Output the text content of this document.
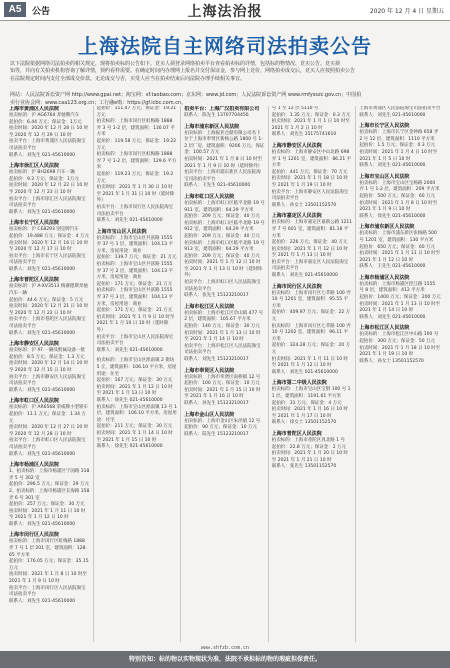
A5	公告	上海法治报	2020 年 12 月 4 日 星期五
上海法院自主网络司法拍卖公告

以下法院依据网络司法拍卖的相关规定，现将拍卖标的公告如下。竞买人须登录网络拍卖平台查看拍卖标的详情，包括标的物情况、竞买公告、竞买须

知等，并向有关拍卖机构咨询了解详情，预约看样需要。在确定时间内办理网上报名并交付保证金，参与网上竞价，网络拍卖成交后，竞买人应按照拍卖公告

在法院规定时间内支付全部成交价款。无论成交与否，买受人应当在拍卖结束后向法院办理手续相关事宜。

网站：人民法院诉讼资产网 http://www.gpai.net；淘宝网：sf.taobao.com；京东网：www.jd.com；人民法院诉讼资产网 www.rmfysszc.gov.cn；中国拍
卖行业协会网：www.caa123.org.cn；工行融e购：https://gf.icbc.com.cn。

上海市黄浦区人民法院

拍卖标的：沪 AG6764 奔驰牌汽车
起拍价：6.44 万元；保证金：1万元
拍卖时间：2020 年 12 月 28 日 10 时至 2020 年 12 月 29 日 10 时
拍卖平台：上海市黄浦区人民法院淘宝司法拍卖平台
联系人：刘先生 021-45610000

上海市徐汇区人民法院

拍卖标的：沪 BH2698 汽车一辆
起拍价：9.3 万元；保证金：1万元
拍卖时间：2020 年 12 月 22 日 10 时至 2020 年 12 月 23 日 10 时
拍卖平台：上海市徐汇区人民法院淘宝司法拍卖平台
联系人：刘先生 021-45610000

上海市长宁区人民法院

拍卖标的：沪 CE8293 别克牌汽车
起拍价：19.488 万元；保证金：4 万元
拍卖时间：2020 年 12 月 16 日 10 时至 2020 年 12 月 17 日 10 时
拍卖平台：上海市长宁区人民法院淘宝司法拍卖平台
联系人：刘先生 021-45610000

上海市普陀区人民法院

拍卖标的：沪 A-XV3513 梅赛德斯奔驰汽车一辆
起拍价：44.6 万元；保证金：5 万元
拍卖时间：2020 年 12 月 21 日 10 时至 2020 年 12 月 22 日 10 时
拍卖平台：上海市普陀区人民法院淘宝司法拍卖平台
联系人：刘先生 021-45610000

上海市静安区人民法院

拍卖标的：沪 XF 一辆及附属设备一批
起拍价：8.5 万元；保证金：1.3 万元
拍卖时间：2020 年 12 月 14 日 10 时至 2020 年 12 月 15 日 10 时
拍卖平台：上海市静安区人民法院淘宝司法拍卖平台
联系人：刘先生 021-45610000

上海市虹口区人民法院

拍卖标的：沪 AR6568 荣威牌小型轿车
起拍价：11.1 万元；保证金：1.34 万元
拍卖时间：2020 年 12 月 27 日 10 时至 2020 年 12 月 28 日 10 时
拍卖平台：上海市虹口区人民法院淘宝司法拍卖平台
联系人：刘先生 021-45610000

上海市杨浦区人民法院

1、拍卖标的：上海市杨浦区宁国路 318 弄 5 号 302 室
起拍价：296.5 万元；保证金：29 万元
2、拍卖标的：上海市杨浦区长海路 358 弄 6 号 301 室
起拍价：257 万元；保证金：30 万元
拍卖时间：2021 年 1 月 11 日 10 时至 2021 年 1 月 12 日 10 时
联系人：刘先生 021-45610000

上海市闵行区人民法院

拍卖标的：上海市闵行区虹梅路 1888 弄 7 号 1 层 201 室，建筑面积：128.65 平方米
起拍价：176.05 万元；保证金：35.15 万元
拍卖时间：2021 年 1 月 8 日 10 时至 2021 年 1 月 9 日 10 时
拍卖平台：上海市闵行区人民法院淘宝司法拍卖平台
联系人：刘先生 021-45610000

起拍价：111.47 万元；保证金：19.21 万元
拍卖标的：上海市闵行区虹梅路 1888 弄 3 号 1-2 层，建筑面积：130.07 平方米
起拍价：119.58 万元；保证金：19.22 万元
拍卖标的：上海市闵行区虹梅路 1888 弄 7 号 1-2 层，建筑面积：129.6 平方米
起拍价：119.23 万元；保证金：19.2 万元
拍卖时间：2021 年 1 月 30 日 10 时至 2021 年 1 月 31 日 10 时（延时除外）
拍卖平台：上海市闵行区人民法院淘宝司法拍卖平台
联系人：刘先生 021-45610000

上海市宝山区人民法院

拍卖标的：上海市宝山区共富路 1555 弄 37 号 1 层，建筑面积：104.13 平方米，房屋用途：商业
起拍价：139.7 万元；保证金：21 万元
拍卖标的：上海市宝山区共富路 1555 弄 37 号 2 层，建筑面积：104.13 平方米，房屋用途：商业
起拍价：171 万元；保证金：21 万元
拍卖标的：上海市宝山区共富路 1555 弄 37 号 3 层，建筑面积：104.13 平方米，房屋用途：商业
起拍价：171 万元；保证金：21 万元
拍卖时间：2021 年 1 月 9 日 10 时至 2021 年 1 月 10 日 10 时（延时除外）
拍卖平台：上海市宝山区人民法院淘宝司法拍卖平台
联系人：刘先生 021-45610000

拍卖标的：上海市宝山区淞南镇 2 街坊 5 丘，建筑面积：106.10 平方米，房屋用途：住宅
起拍价：167 万元；保证金：30 万元
拍卖时间：2021 年 1 月 12 日 10 时至 2021 年 1 月 13 日 10 时
联系人：徐先生 021-45610000
拍卖标的：上海市宝山区淞南镇 13 号 1 层，建筑面积：106.10 平方米，房屋用途：住宅
起拍价：211 万元；保证金：30 万元
拍卖时间：2021 年 1 月 14 日 10 时至 2021 年 1 月 15 日 10 时
联系人：徐先生 021-45610000

拍卖平台：上海广汉拍卖有限公司

联系人：陈先生 13707704456

上海市浦东新区人民法院

拍卖标的：上海振亚仓储有限公司名下位于上海市奉贤区新杨公路 1800 号 1-2 层厂房，建筑面积：9206 万元；保证金：100.57 万元
拍卖时间：2021 年 1 月 8 日 10 时至 2021 年 1 月 9 日 10 时（延时除外）
拍卖平台：上海市浦东新区人民法院淘宝司法拍卖平台
联系人：王先生 021-45610000

上海市虹口区人民法院

拍卖标的：上海市虹口区临平北路 19 号 911 室，建筑面积：64.29 平方米
起拍价：209 万元；保证金：40 万元
拍卖标的：上海市虹口区临平北路 19 号 912 室，建筑面积：64.29 平方米
起拍价：209 万元；保证金：40 万元
拍卖标的：上海市虹口区临平北路 19 号 913 室，建筑面积：64.29 平方米
起拍价：209 万元；保证金：40 万元
拍卖时间：2021 年 1 月 12 日 10 时至 2021 年 1 月 13 日 10 时（延时除外）
拍卖平台：上海市虹口区人民法院淘宝司法拍卖平台
联系人：张先生 15123210017

上海市松江区人民法院

拍卖标的：上海市松江区佘山镇 477 号 2 层，建筑面积：105.67 平方米
起拍价：140 万元；保证金：30 万元
拍卖时间：2021 年 1 月 13 日 10 时至 2021 年 1 月 14 日 10 时
拍卖平台：上海市松江区人民法院淘宝司法拍卖平台
联系人：刘先生 15123210017

上海市奉贤区人民法院

拍卖标的：上海市奉贤区南桥镇 12 号
起拍价：100 万元；保证金：10 万元
拍卖时间：2021 年 1 月 15 日 10 时至 2021 年 1 月 16 日 10 时
联系人：孙先生 15123210017

上海市金山区人民法院

拍卖标的：上海市金山区朱泾镇 12 号
起拍价：90 万元；保证金：10 万元
联系人：陆先生 15123210017

号 1 至 12 层 5110 号
起拍价：1.35 万元；保证金：0.3 万元
拍卖时间：2021 年 1 月 1 日 10 时至 2021 年 1 月 2 日 10 时
联系人：刘先生 15175741610

上海市静安区人民法院

拍卖标的：上海市静安区中山北路 698 弄 1 号 1201 室，建筑面积：86.21 平方米
起拍价：441 万元；保证金：70 万元
拍卖时间：2021 年 1 月 18 日 10 时至 2021 年 1 月 19 日 10 时
拍卖平台：上海市静安区人民法院淘宝司法拍卖平台
联系人：孙女士 13501152570

上海市嘉定区人民法院

拍卖标的：上海市嘉定区嘉新公路 1211 弄 7 号 601 室，建筑面积：81.18 平方米
起拍价：226 万元；保证金：40 万元
拍卖时间：2021 年 1 月 12 日 10 时至 2021 年 1 月 13 日 10 时
拍卖平台：上海市嘉定区人民法院淘宝司法拍卖平台
联系人：刘先生 021-45610000

上海市闵行区人民法院

拍卖标的：上海市闵行区七莘路 100 弄 10 号 1201 室，建筑面积：95.55 平方米
起拍价：409.97 万元；保证金：22 万元
拍卖标的：上海市闵行区七莘路 100 弄 10 号 1202 室，建筑面积：96.11 平方米
起拍价：324.28 万元；保证金：20 万元
拍卖时间：2021 年 1 月 11 日 10 时至 2021 年 1 月 12 日 10 时
联系人：刘先生 021-45610000

上海市第二中级人民法院

拍卖标的：上海市宝山区宝钢 100 号 11 层，建筑面积：1191.61 平方米
起拍价：31 万元；保证金：4 万元
拍卖时间：2021 年 1 月 16 日 10 时至 2021 年 1 月 17 日 10 时
联系人：徐女士 13501152570

上海市普陀区人民法院

拍卖标的：上海市普陀区真北路 1 号
起拍价：22.8 万元；保证金：2 万元
拍卖时间：2021 年 1 月 20 日 10 时至 2021 年 1 月 21 日 10 时
联系人：张先生 13501152570

上海市黄浦区人民法院淘宝司法拍卖平台
联系人：刘先生 021-45610000

上海市长宁区人民法院

拍卖标的：上海市长宁区金钟路 658 弄 2 号 12 层，建筑面积：1110 平方米
起拍价：1.5 万元；保证金：0.3 万元
拍卖时间：2021 年 1 月 4 日 10 时至 2021 年 1 月 5 日 10 时
联系人：刘先生 021-45610000

上海市宝山区人民法院

拍卖标的：上海市宝山区宝杨路 2000 弄 1 号 1-2 层，建筑面积：209 平方米
起拍价：500 万元；保证金：60 万元
拍卖时间：2021 年 1 月 8 日 10 时至 2021 年 1 月 9 日 10 时
联系人：徐先生 021-45610000

上海市浦东新区人民法院

拍卖标的：上海市浦东新区张杨路 500 号 1201 室，建筑面积：130 平方米
起拍价：650 万元；保证金：60 万元
拍卖时间：2021 年 1 月 11 日 10 时至 2021 年 1 月 12 日 10 时
联系人：王先生 021-45610000

上海市杨浦区人民法院

拍卖标的：上海市杨浦区控江路 1555 号 8 层，建筑面积：412 平方米
起拍价：1400 万元；保证金：200 万元
拍卖时间：2021 年 1 月 13 日 10 时至 2021 年 1 月 14 日 10 时
联系人：刘先生 021-45610000

上海市松江区人民法院

拍卖标的：上海市松江区中山路 100 号
起拍价：300 万元；保证金：50 万元
拍卖时间：2021 年 1 月 18 日 10 时至 2021 年 1 月 19 日 10 时
联系人：孙女士 13501152570

www.shfzb.com.cn
特别告知：标的物以实物现状为准，法院不承担标的物的瑕疵担保责任。
